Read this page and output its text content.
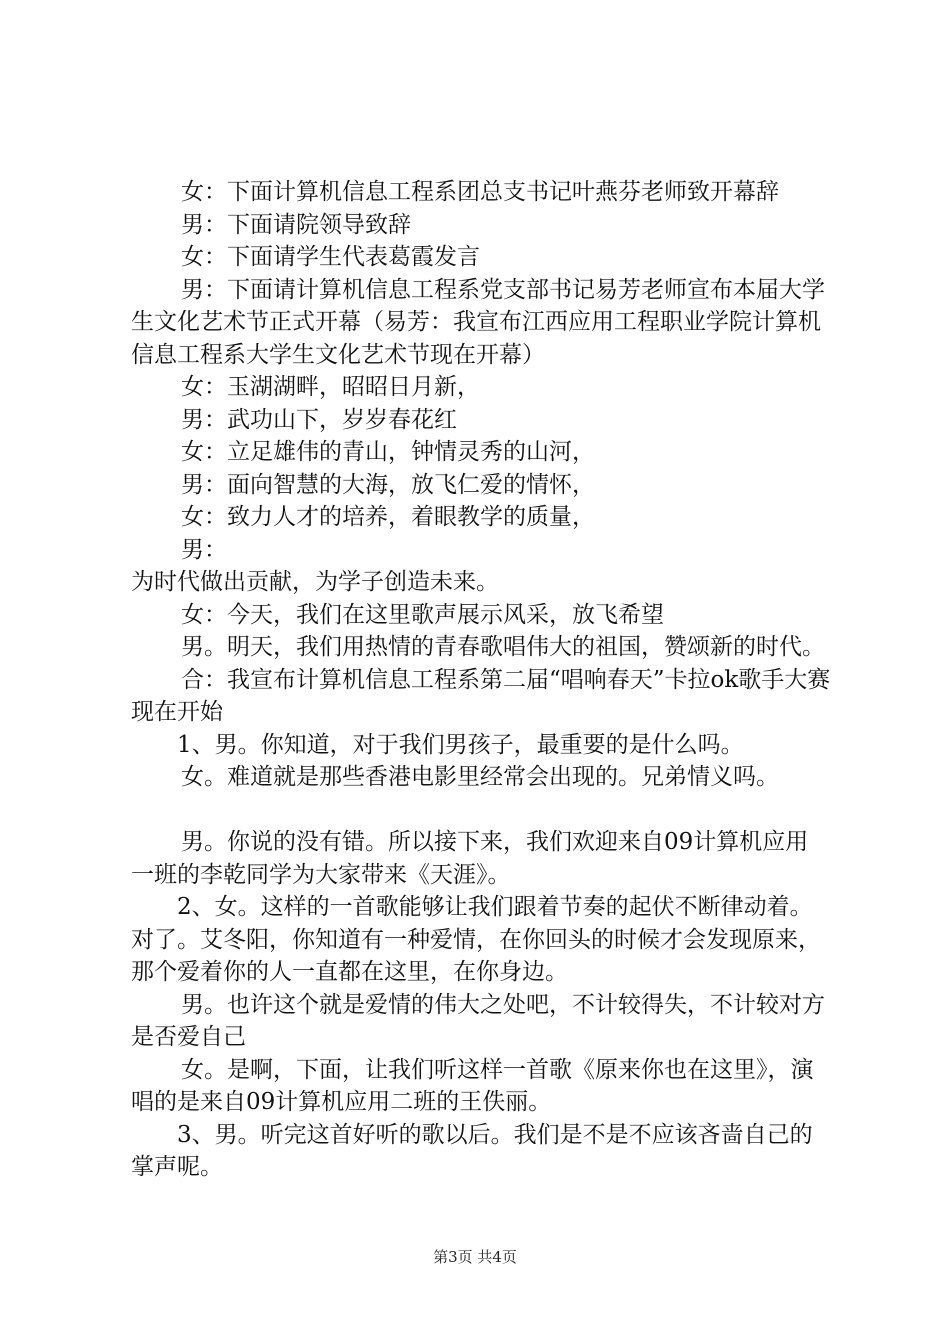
女：下面计算机信息工程系团总支书记叶燕芬老师致开幕辞

男：下面请院领导致辞

女：下面请学生代表葛霞发言

男：下面请计算机信息工程系党支部书记易芳老师宣布本届大学生文化艺术节正式开幕（易芳：我宣布江西应用工程职业学院计算机信息工程系大学生文化艺术节现在开幕）

女：玉湖湖畔，昭昭日月新，

男：武功山下，岁岁春花红

女：立足雄伟的青山，钟情灵秀的山河，

男：面向智慧的大海，放飞仁爱的情怀，

女：致力人才的培养，着眼教学的质量，

男：

为时代做出贡献，为学子创造未来。

女：今天，我们在这里歌声展示风采，放飞希望

男。明天，我们用热情的青春歌唱伟大的祖国，赞颂新的时代。

合：我宣布计算机信息工程系第二届“唱响春天”卡拉ok歌手大赛现在开始

1、男。你知道，对于我们男孩子，最重要的是什么吗。

女。难道就是那些香港电影里经常会出现的。兄弟情义吗。

男。你说的没有错。所以接下来，我们欢迎来自09计算机应用一班的李乾同学为大家带来《天涯》。

2、女。这样的一首歌能够让我们跟着节奏的起伏不断律动着。对了。艾冬阳，你知道有一种爱情，在你回头的时候才会发现原来，那个爱着你的人一直都在这里，在你身边。

男。也许这个就是爱情的伟大之处吧，不计较得失，不计较对方是否爱自己

女。是啊，下面，让我们听这样一首歌《原来你也在这里》，演唱的是来自09计算机应用二班的王佚丽。

3、男。听完这首好听的歌以后。我们是不是不应该吝啬自己的掌声呢。

第3页 共4页
